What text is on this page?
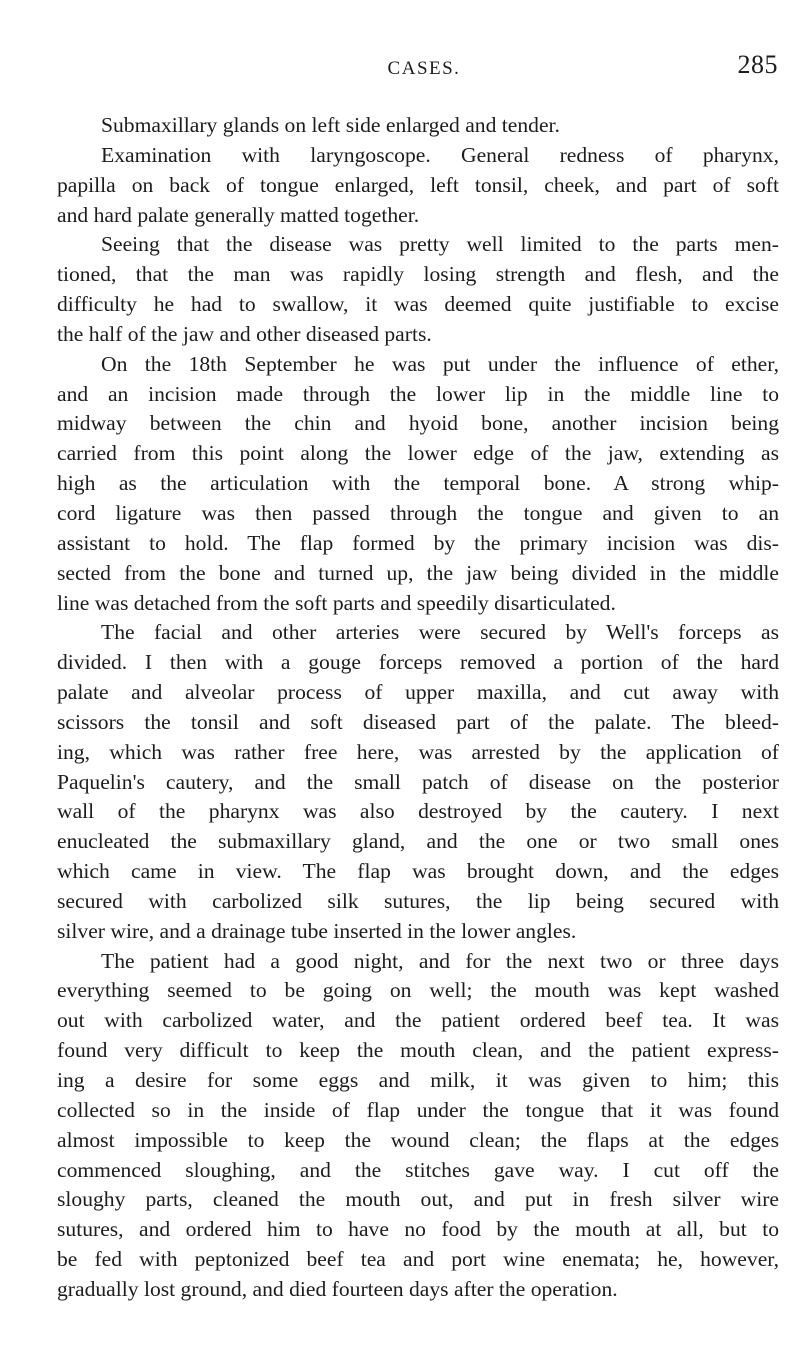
CASES.	285
Submaxillary glands on left side enlarged and tender.
Examination with laryngoscope. General redness of pharynx,
papilla on back of tongue enlarged, left tonsil, cheek, and part of soft
and hard palate generally matted together.
Seeing that the disease was pretty well limited to the parts men-
tioned, that the man was rapidly losing strength and flesh, and the
difficulty he had to swallow, it was deemed quite justifiable to excise
the half of the jaw and other diseased parts.
On the 18th September he was put under the influence of ether,
and an incision made through the lower lip in the middle line to
midway between the chin and hyoid bone, another incision being
carried from this point along the lower edge of the jaw, extending as
high as the articulation with the temporal bone. A strong whip-
cord ligature was then passed through the tongue and given to an
assistant to hold. The flap formed by the primary incision was dis-
sected from the bone and turned up, the jaw being divided in the middle
line was detached from the soft parts and speedily disarticulated.
The facial and other arteries were secured by Well's forceps as
divided. I then with a gouge forceps removed a portion of the hard
palate and alveolar process of upper maxilla, and cut away with
scissors the tonsil and soft diseased part of the palate. The bleed-
ing, which was rather free here, was arrested by the application of
Paquelin's cautery, and the small patch of disease on the posterior
wall of the pharynx was also destroyed by the cautery. I next
enucleated the submaxillary gland, and the one or two small ones
which came in view. The flap was brought down, and the edges
secured with carbolized silk sutures, the lip being secured with
silver wire, and a drainage tube inserted in the lower angles.
The patient had a good night, and for the next two or three days
everything seemed to be going on well; the mouth was kept washed
out with carbolized water, and the patient ordered beef tea. It was
found very difficult to keep the mouth clean, and the patient express-
ing a desire for some eggs and milk, it was given to him; this
collected so in the inside of flap under the tongue that it was found
almost impossible to keep the wound clean; the flaps at the edges
commenced sloughing, and the stitches gave way. I cut off the
sloughy parts, cleaned the mouth out, and put in fresh silver wire
sutures, and ordered him to have no food by the mouth at all, but to
be fed with peptonized beef tea and port wine enemata; he, however,
gradually lost ground, and died fourteen days after the operation.
